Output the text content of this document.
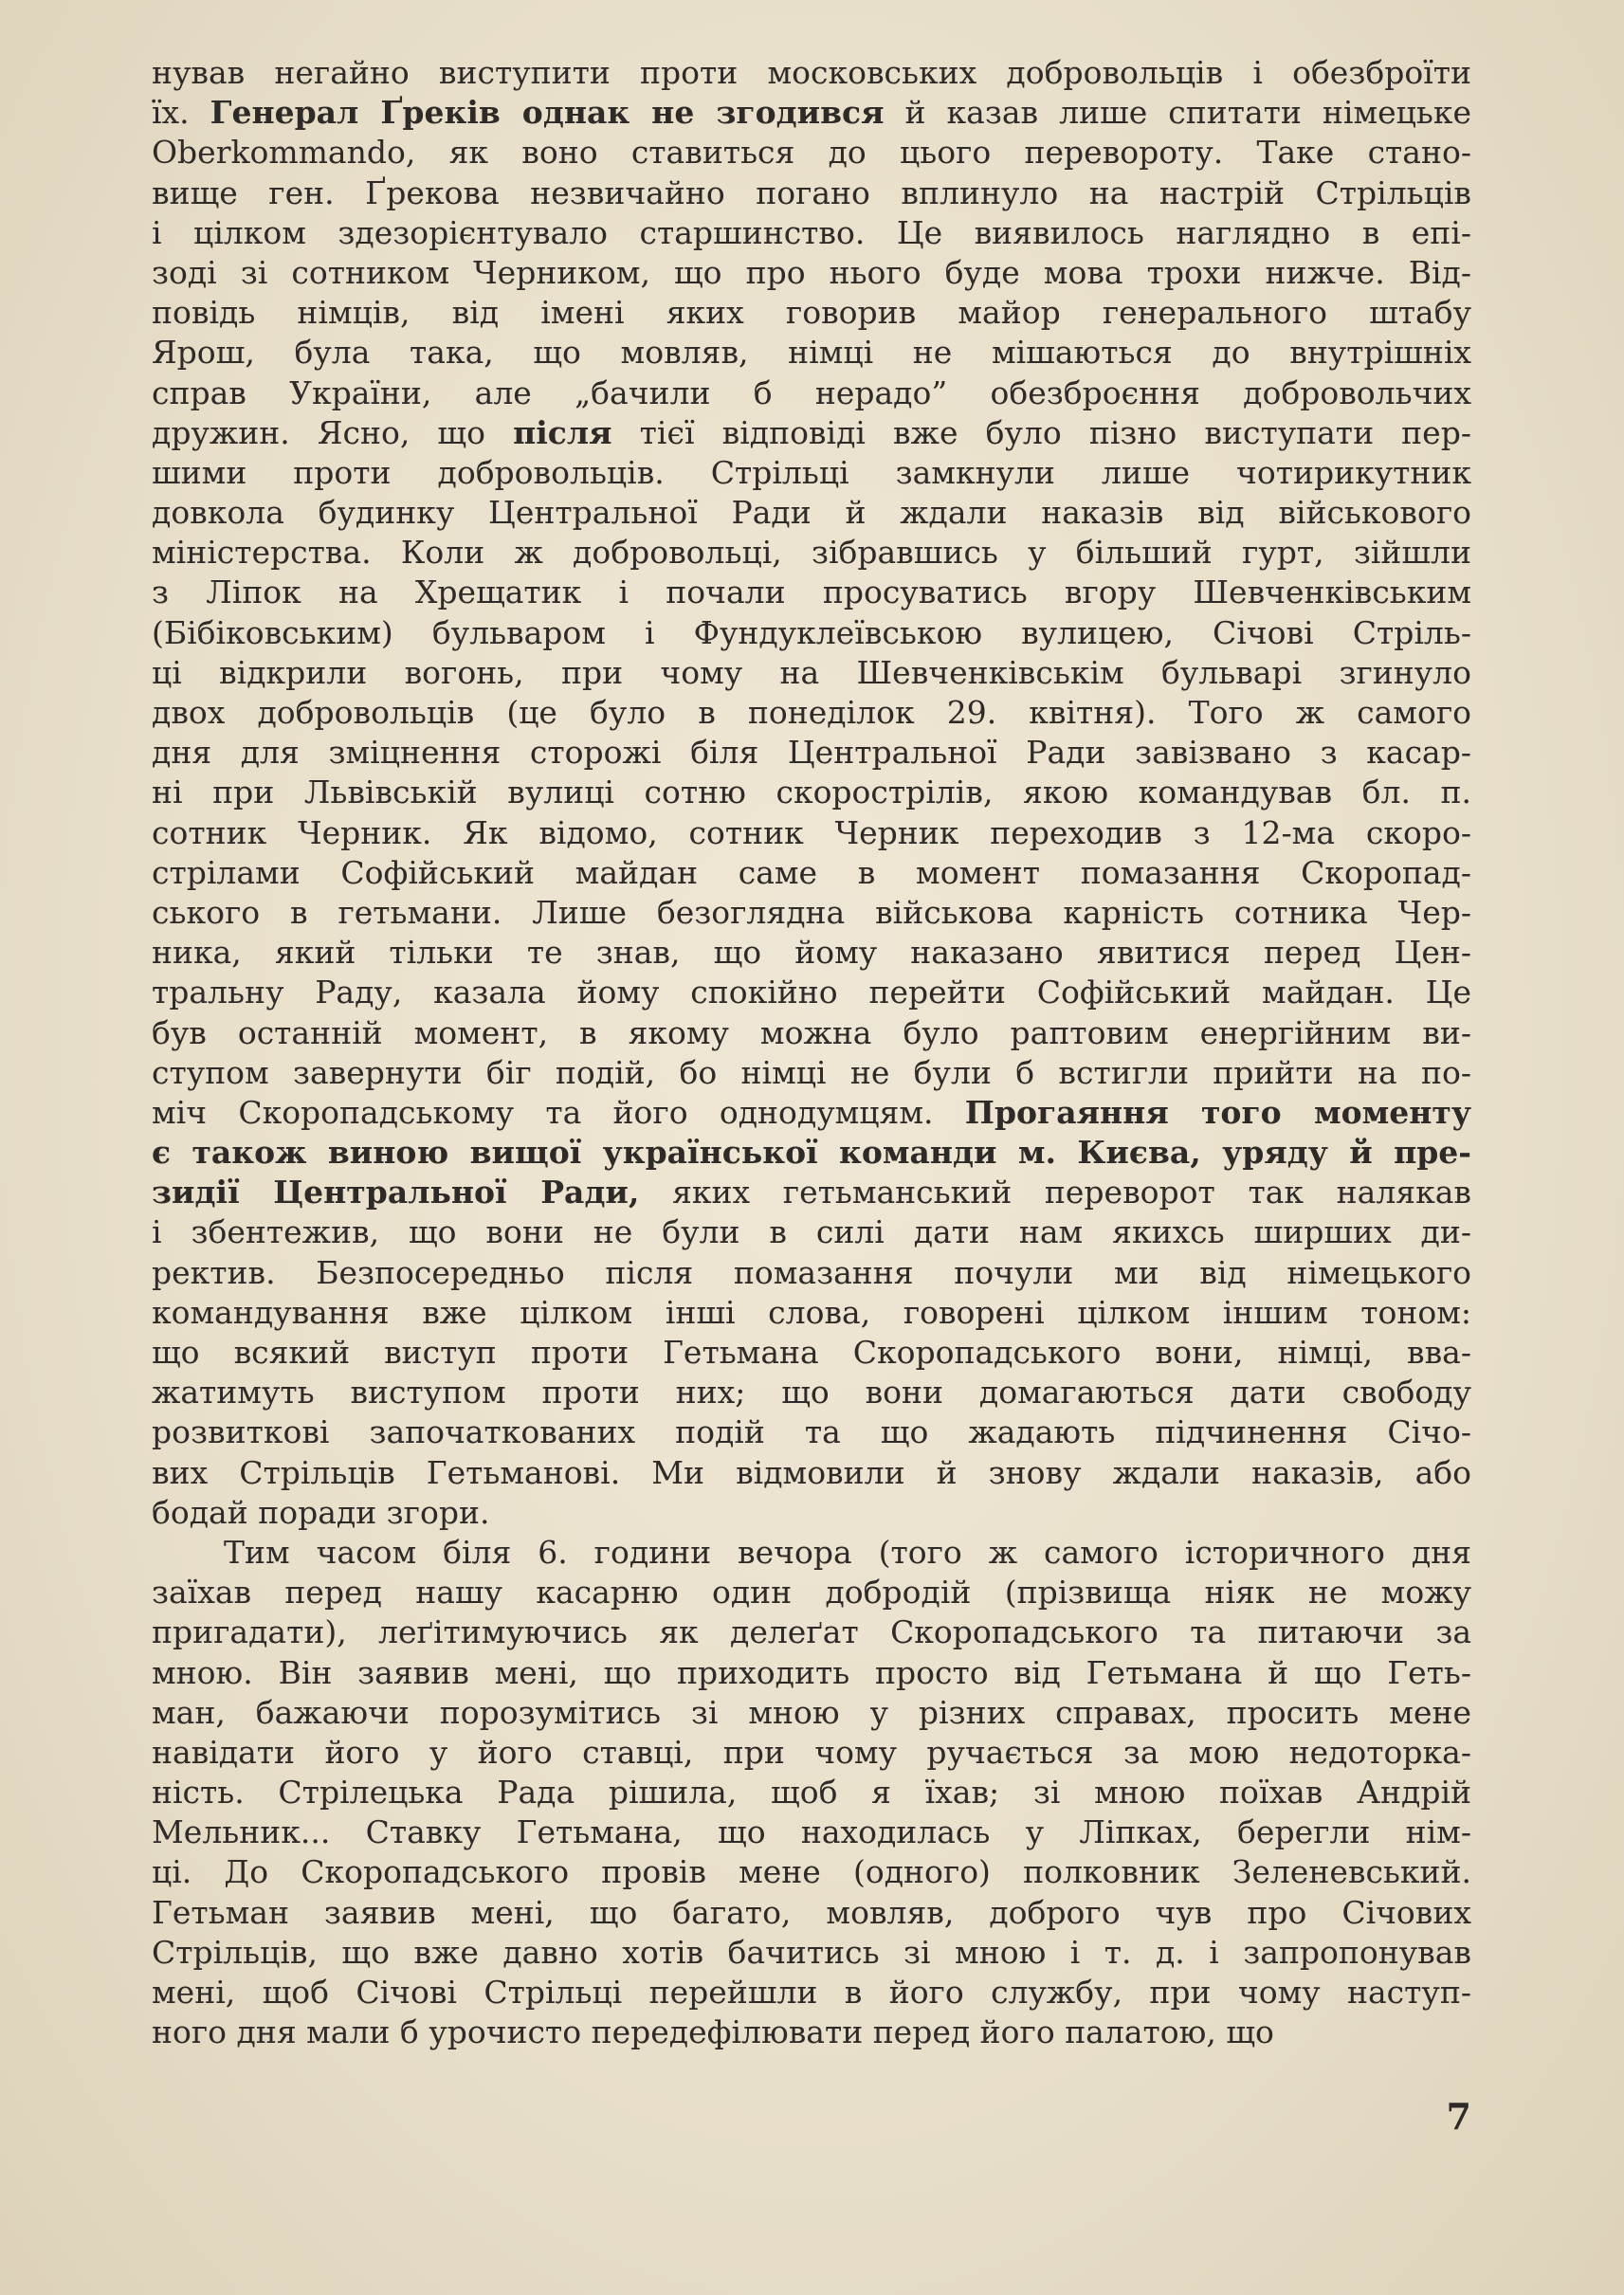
нував негайно виступити проти московських добровольців і обезброїти
їх. Генерал Ґреків однак не згодився й казав лише спитати німецьке
Oberkommando, як воно ставиться до цього перевороту. Таке стано-
вище ген. Ґрекова незвичайно погано вплинуло на настрій Стрільців
і цілком здезорієнтувало старшинство. Це виявилось наглядно в епі-
зоді зі сотником Черником, що про нього буде мова трохи нижче. Від-
повідь німців, від імені яких говорив майор генерального штабу
Ярош, була така, що мовляв, німці не мішаються до внутрішніх
справ України, але „бачили б нерадо” обезброєння добровольчих
дружин. Ясно, що після тієї відповіді вже було пізно виступати пер-
шими проти добровольців. Стрільці замкнули лише чотирикутник
довкола будинку Центральної Ради й ждали наказів від військового
міністерства. Коли ж добровольці, зібравшись у більший гурт, зійшли
з Ліпок на Хрещатик і почали просуватись вгору Шевченківським
(Бібіковським) бульваром і Фундуклеївською вулицею, Січові Стріль-
ці відкрили вогонь, при чому на Шевченківськім бульварі згинуло
двох добровольців (це було в понеділок 29. квітня). Того ж самого
дня для зміцнення сторожі біля Центральної Ради завізвано з касар-
ні при Львівській вулиці сотню скорострілів, якою командував бл. п.
сотник Черник. Як відомо, сотник Черник переходив з 12-ма скоро-
стрілами Софійський майдан саме в момент помазання Скоропад-
ського в гетьмани. Лише безоглядна військова карність сотника Чер-
ника, який тільки те знав, що йому наказано явитися перед Цен-
тральну Раду, казала йому спокійно перейти Софійський майдан. Це
був останній момент, в якому можна було раптовим енергійним ви-
ступом завернути біг подій, бо німці не були б встигли прийти на по-
міч Скоропадському та його однодумцям. Прогаяння того моменту
є також виною вищої української команди м. Києва, уряду й пре-
зидії Центральної Ради, яких гетьманський переворот так налякав
і збентежив, що вони не були в силі дати нам якихсь ширших ди-
ректив. Безпосередньо після помазання почули ми від німецького
командування вже цілком інші слова, говорені цілком іншим тоном:
що всякий виступ проти Гетьмана Скоропадського вони, німці, вва-
жатимуть виступом проти них; що вони домагаються дати свободу
розвиткові започаткованих подій та що жадають підчинення Січо-
вих Стрільців Гетьманові. Ми відмовили й знову ждали наказів, або
бодай поради згори.
Тим часом біля 6. години вечора (того ж самого історичного дня
заїхав перед нашу касарню один добродій (прізвища ніяк не можу
пригадати), леґітимуючись як делеґат Скоропадського та питаючи за
мною. Він заявив мені, що приходить просто від Гетьмана й що Геть-
ман, бажаючи порозумітись зі мною у різних справах, просить мене
навідати його у його ставці, при чому ручається за мою недоторка-
ність. Стрілецька Рада рішила, щоб я їхав; зі мною поїхав Андрій
Мельник... Ставку Гетьмана, що находилась у Ліпках, берегли нім-
ці. До Скоропадського провів мене (одного) полковник Зеленевський.
Гетьман заявив мені, що багато, мовляв, доброго чув про Січових
Стрільців, що вже давно хотів бачитись зі мною і т. д. і запропонував
мені, щоб Січові Стрільці перейшли в його службу, при чому наступ-
ного дня мали б урочисто передефілювати перед його палатою, що
7
